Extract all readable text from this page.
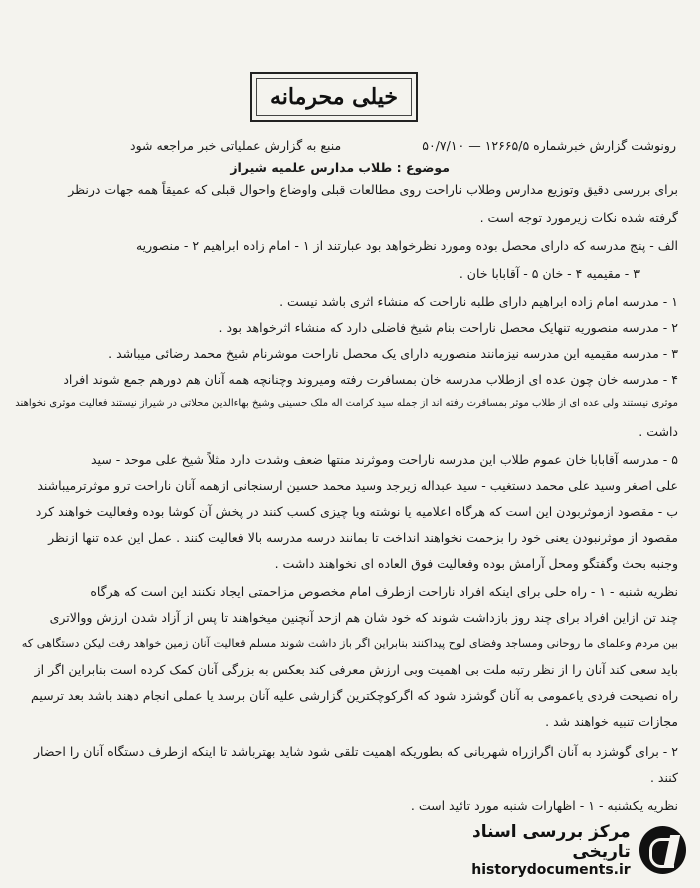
خیلی محرمانه
رونوشت گزارش خبرشماره ۱۲۶۶۵/۵ — ۵۰/۷/۱۰
منبع به گزارش عملیاتی خبر مراجعه شود
موضوع : طلاب مدارس علمیه شیراز
برای بررسی دقیق وتوزیع مدارس وطلاب ناراحت روی مطالعات قبلی واوضاع واحوال قبلی که عمیقاً همه جهات درنظر
گرفته شده نکات زیرمورد توجه است .
الف - پنج مدرسه که دارای محصل بوده ومورد نظرخواهد بود عبارتند از ۱ - امام زاده ابراهیم ۲ - منصوریه
۳ - مقیمیه ۴ - خان ۵ - آقابابا خان .
۱ - مدرسه امام زاده ابراهیم دارای طلبه ناراحت که منشاء اثری باشد نیست .
۲ - مدرسه منصوریه تنهایک محصل ناراحت بنام شیخ فاضلی دارد که منشاء اثرخواهد بود .
۳ - مدرسه مقیمیه این مدرسه نیزمانند منصوریه دارای یک محصل ناراحت موشرنام شیخ محمد رضائی میباشد .
۴ - مدرسه خان چون عده ای ازطلاب مدرسه خان بمسافرت رفته ومیروند وچنانچه همه آنان هم دورهم جمع شوند افراد
موثری نیستند ولی عده ای از طلاب موثر بمسافرت رفته اند از جمله سید کرامت اله ملک حسینی وشیخ بهاءالدین محلاتی در شیراز نیستند فعالیت موثری نخواهند
داشت .
۵ - مدرسه آقابابا خان عموم طلاب این مدرسه ناراحت وموثرند منتها ضعف وشدت دارد مثلاً شیخ علی موحد - سید
علی اصغر وسید علی محمد دستغیب - سید عبداله زیرجد وسید محمد حسین ارسنجانی ازهمه آنان ناراحت ترو موثرترمیباشند
ب - مقصود ازموثربودن این است که هرگاه اعلامیه یا نوشته ویا چیزی کسب کنند در پخش آن کوشا بوده وفعالیت خواهند کرد
مقصود از موثرنبودن یعنی خود را بزحمت نخواهند انداخت تا بمانند درسه مدرسه بالا فعالیت کنند . عمل این عده تنها ازنظر
وجنبه بحث وگفتگو ومحل آرامش بوده وفعالیت فوق العاده ای نخواهند داشت .
نظریه شنبه - ۱ - راه حلی برای اینکه افراد ناراحت ازطرف امام مخصوص مزاحمتی ایجاد نکنند این است که هرگاه
چند تن ازاین افراد برای چند روز بازداشت شوند که خود شان هم ازحد آنچنین میخواهند تا پس از آزاد شدن ارزش ووالاتری
بین مردم وعلمای ما روحانی ومساجد وفضای لوح پیداکنند بنابراین اگر باز داشت شوند مسلم فعالیت آنان زمین خواهد رفت لیکن دستگاهی که
باید سعی کند آنان را از نظر رتبه ملت بی اهمیت وبی ارزش معرفی کند بعکس به بزرگی آنان کمک کرده است بنابراین اگر از
راه نصیحت فردی یاعمومی به آنان گوشزد شود که اگرکوچکترین گزارشی علیه آنان برسد یا عملی انجام دهند باشد بعد ترسیم
مجازات تنبیه خواهند شد .
۲ - برای گوشزد به آنان اگرازراه شهربانی که بطوریکه اهمیت تلقی شود شاید بهترباشد تا اینکه ازطرف دستگاه آنان را احضار
کنند .
نظریه یکشنبه - ۱ - اظهارات شنبه مورد تائید است .
مرکز بررسی اسناد تاریخی
historydocuments.ir
